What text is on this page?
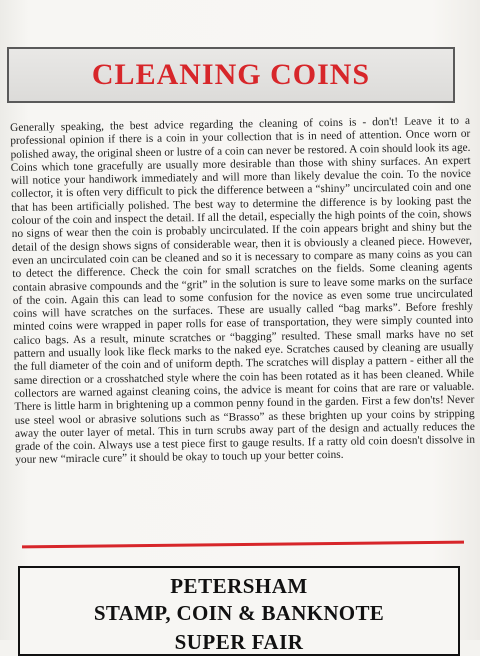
CLEANING COINS

Generally speaking, the best advice regarding the cleaning of coins is - don't! Leave it to a professional opinion if there is a coin in your collection that is in need of attention. Once worn or polished away, the original sheen or lustre of a coin can never be restored. A coin should look its age. Coins which tone gracefully are usually more desirable than those with shiny surfaces. An expert will notice your handiwork immediately and will more than likely devalue the coin. To the novice collector, it is often very difficult to pick the difference between a “shiny” uncirculated coin and one that has been artificially polished. The best way to determine the difference is by looking past the colour of the coin and inspect the detail. If all the detail, especially the high points of the coin, shows no signs of wear then the coin is probably uncirculated. If the coin appears bright and shiny but the detail of the design shows signs of considerable wear, then it is obviously a cleaned piece. However, even an uncirculated coin can be cleaned and so it is necessary to compare as many coins as you can to detect the difference. Check the coin for small scratches on the fields. Some cleaning agents contain abrasive compounds and the “grit” in the solution is sure to leave some marks on the surface of the coin. Again this can lead to some confusion for the novice as even some true uncirculated coins will have scratches on the surfaces. These are usually called “bag marks”. Before freshly minted coins were wrapped in paper rolls for ease of transportation, they were simply counted into calico bags. As a result, minute scratches or “bagging” resulted. These small marks have no set pattern and usually look like fleck marks to the naked eye. Scratches caused by cleaning are usually the full diameter of the coin and of uniform depth. The scratches will display a pattern - either all the same direction or a crosshatched style where the coin has been rotated as it has been cleaned. While collectors are warned against cleaning coins, the advice is meant for coins that are rare or valuable. There is little harm in brightening up a common penny found in the garden. First a few don'ts! Never use steel wool or abrasive solutions such as “Brasso” as these brighten up your coins by stripping away the outer layer of metal. This in turn scrubs away part of the design and actually reduces the grade of the coin. Always use a test piece first to gauge results. If a ratty old coin doesn't dissolve in your new “miracle cure” it should be okay to touch up your better coins.

PETERSHAM
STAMP, COIN & BANKNOTE
SUPER FAIR
